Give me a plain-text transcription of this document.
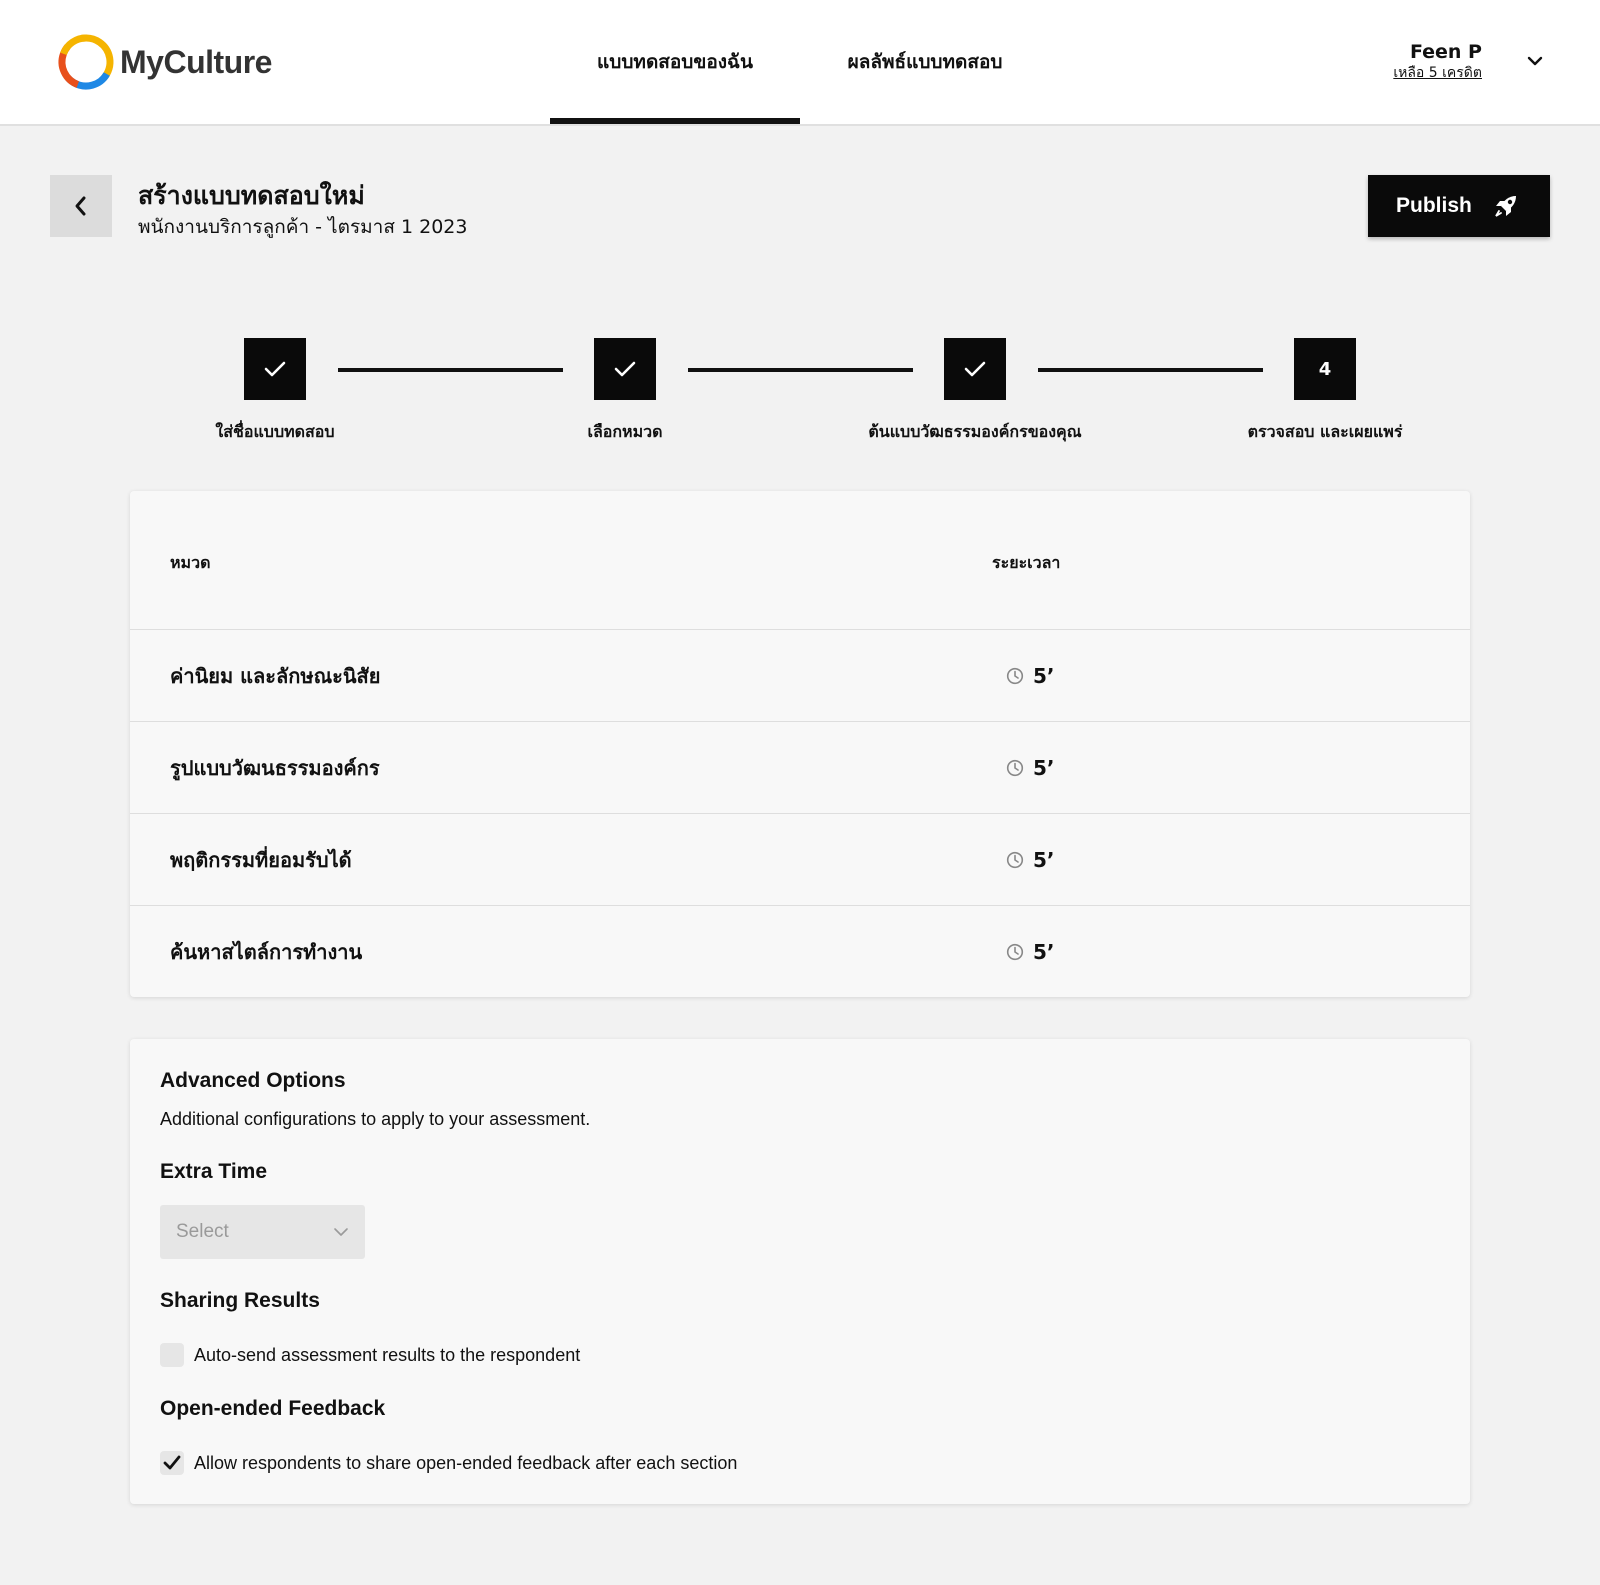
MyCulture	แบบทดสอบของฉัน	ผลลัพธ์แบบทดสอบ	Feen P
เหลือ 5 เครดิต
สร้างแบบทดสอบใหม่
พนักงานบริการลูกค้า - ไตรมาส 1 2023
Publish
4
ใส่ชื่อแบบทดสอบ	เลือกหมวด	ต้นแบบวัฒธรรมองค์กรของคุณ	ตรวจสอบ และเผยแพร่
หมวด	ระยะเวลา
ค่านิยม และลักษณะนิสัย	5’
รูปแบบวัฒนธรรมองค์กร	5’
พฤติกรรมที่ยอมรับได้	5’
ค้นหาสไตล์การทำงาน	5’
Advanced Options
Additional configurations to apply to your assessment.
Extra Time
Select
Sharing Results
Auto-send assessment results to the respondent
Open-ended Feedback
Allow respondents to share open-ended feedback after each section
